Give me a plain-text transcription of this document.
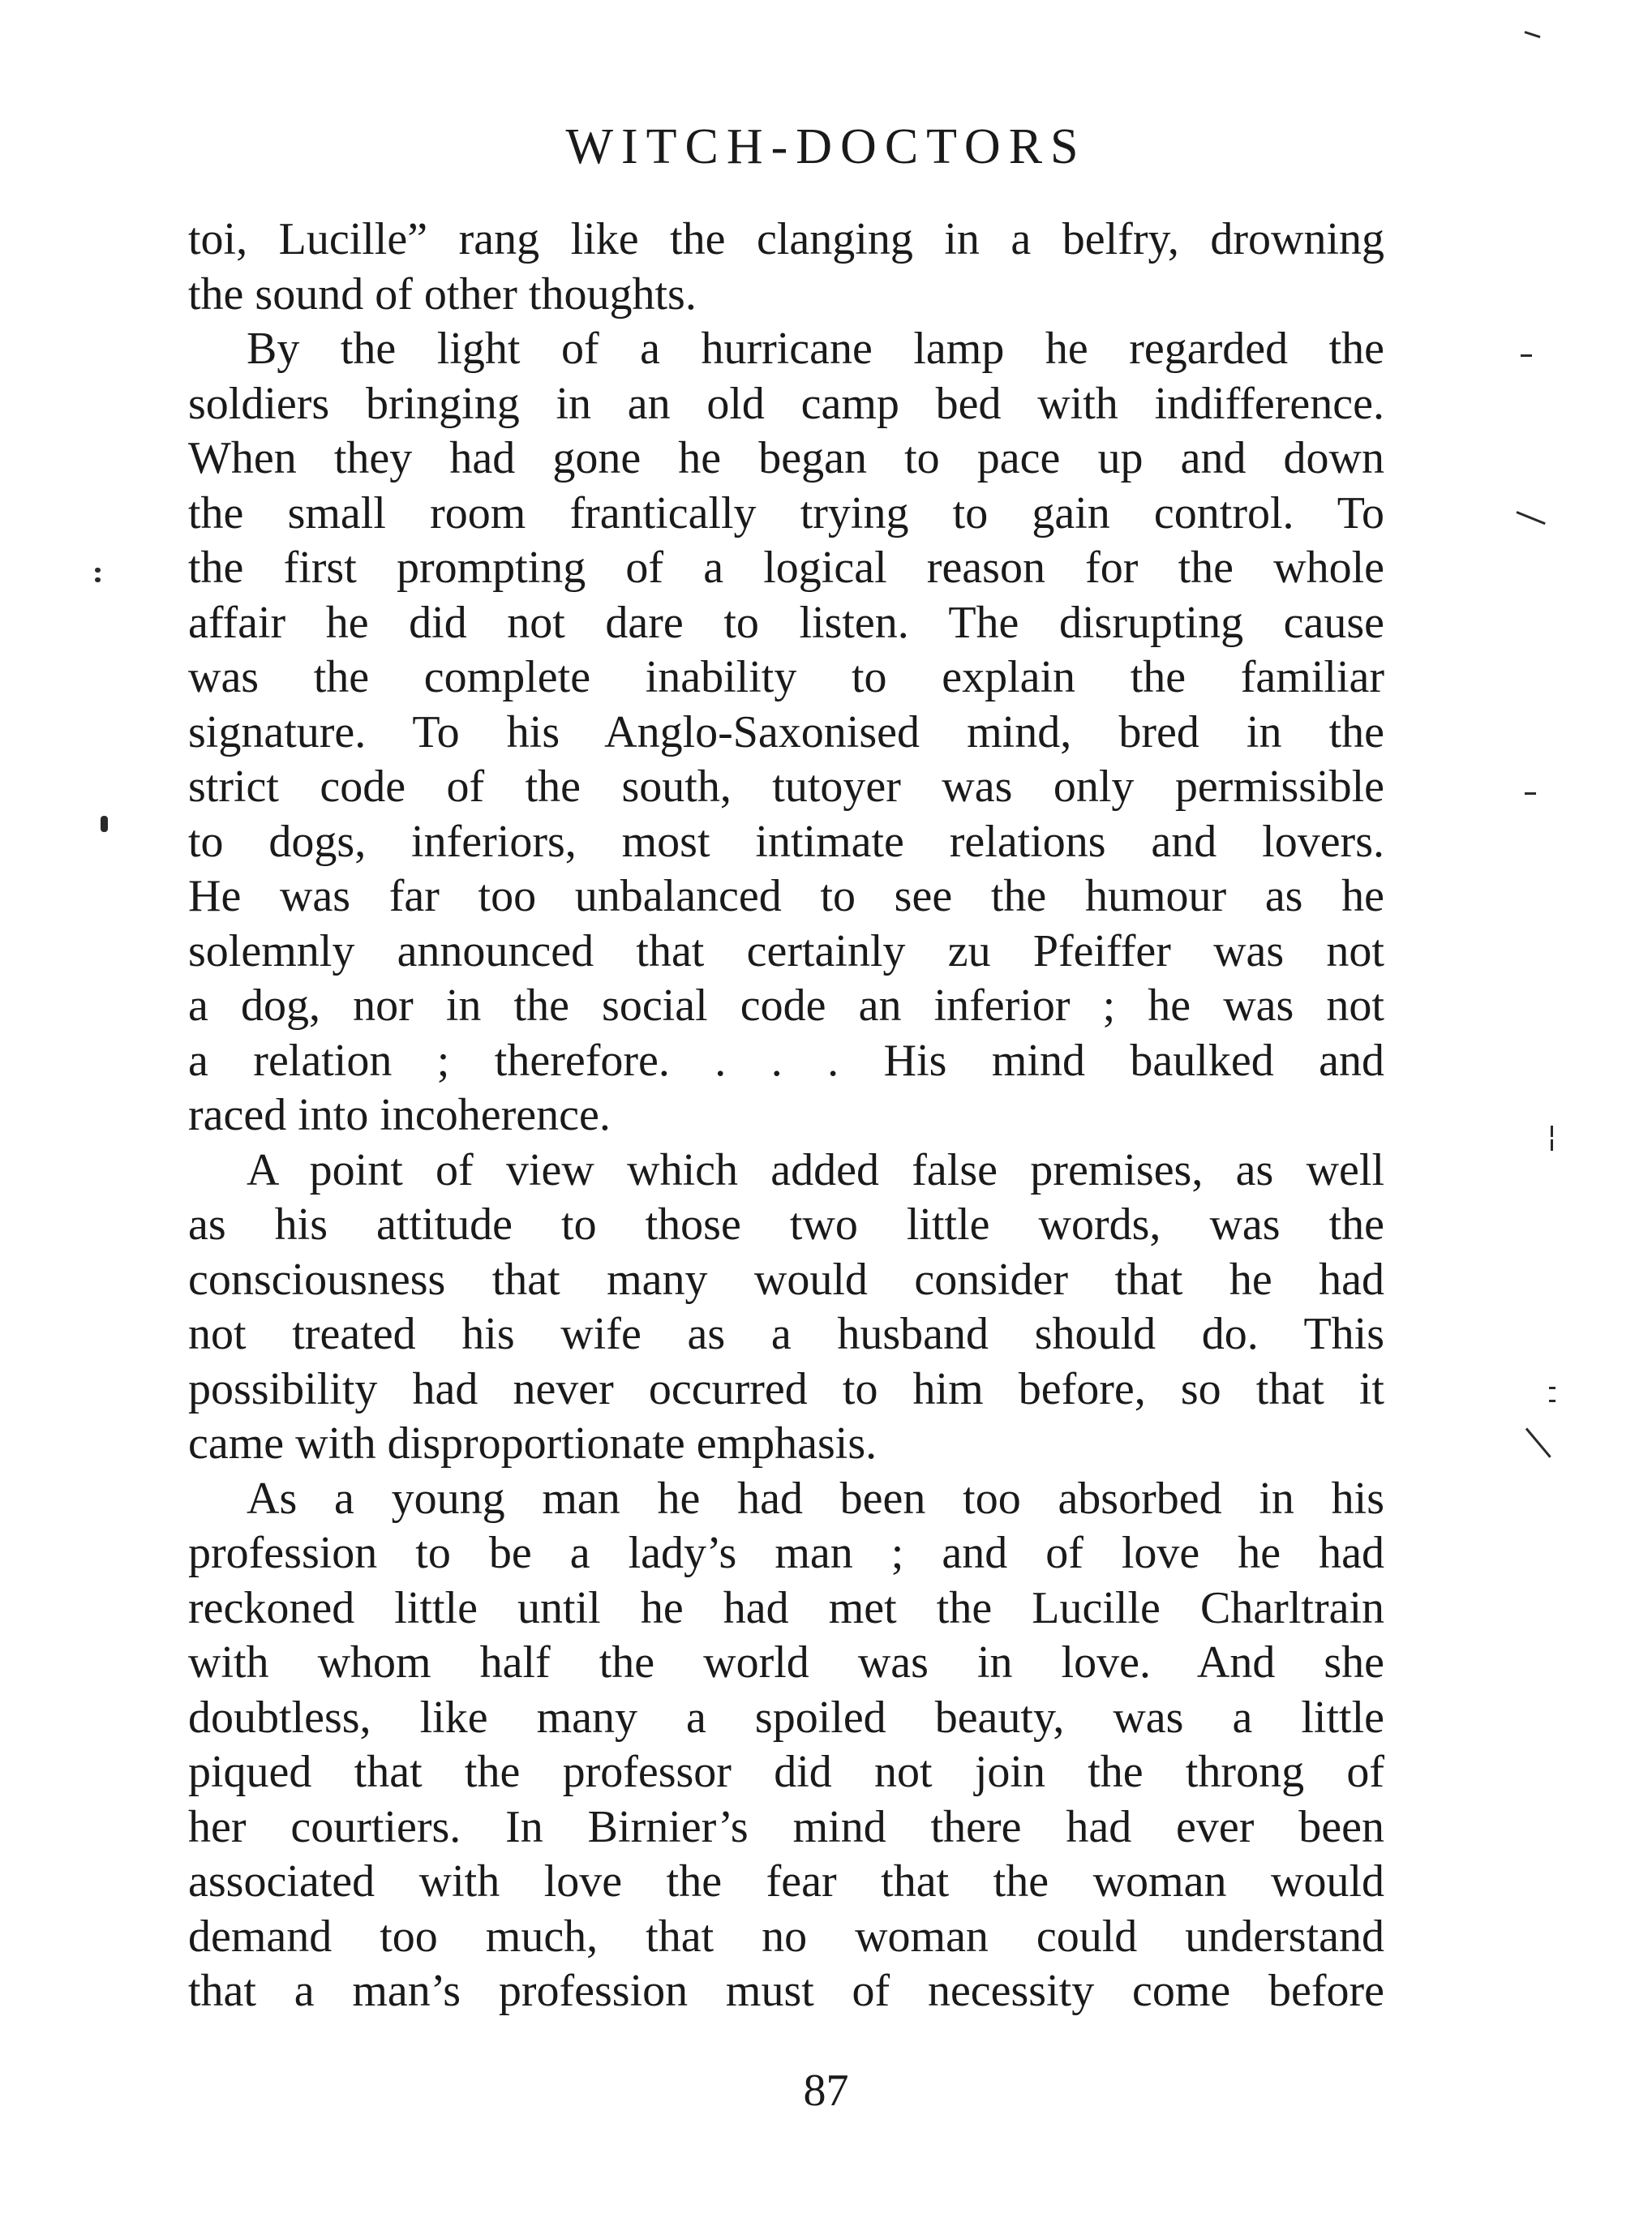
WITCH-DOCTORS
toi, Lucille” rang like the clanging in a belfry, drowning
the sound of other thoughts.
By the light of a hurricane lamp he regarded the
soldiers bringing in an old camp bed with indifference.
When they had gone he began to pace up and down
the small room frantically trying to gain control. To
the first prompting of a logical reason for the whole
affair he did not dare to listen. The disrupting cause
was the complete inability to explain the familiar
signature. To his Anglo-Saxonised mind, bred in the
strict code of the south, tutoyer was only permissible
to dogs, inferiors, most intimate relations and lovers.
He was far too unbalanced to see the humour as he
solemnly announced that certainly zu Pfeiffer was not
a dog, nor in the social code an inferior ; he was not
a relation ; therefore. . . . His mind baulked and
raced into incoherence.
A point of view which added false premises, as well
as his attitude to those two little words, was the
consciousness that many would consider that he had
not treated his wife as a husband should do. This
possibility had never occurred to him before, so that it
came with disproportionate emphasis.
As a young man he had been too absorbed in his
profession to be a lady’s man ; and of love he had
reckoned little until he had met the Lucille Charltrain
with whom half the world was in love. And she
doubtless, like many a spoiled beauty, was a little
piqued that the professor did not join the throng of
her courtiers. In Birnier’s mind there had ever been
associated with love the fear that the woman would
demand too much, that no woman could understand
that a man’s profession must of necessity come before
87
